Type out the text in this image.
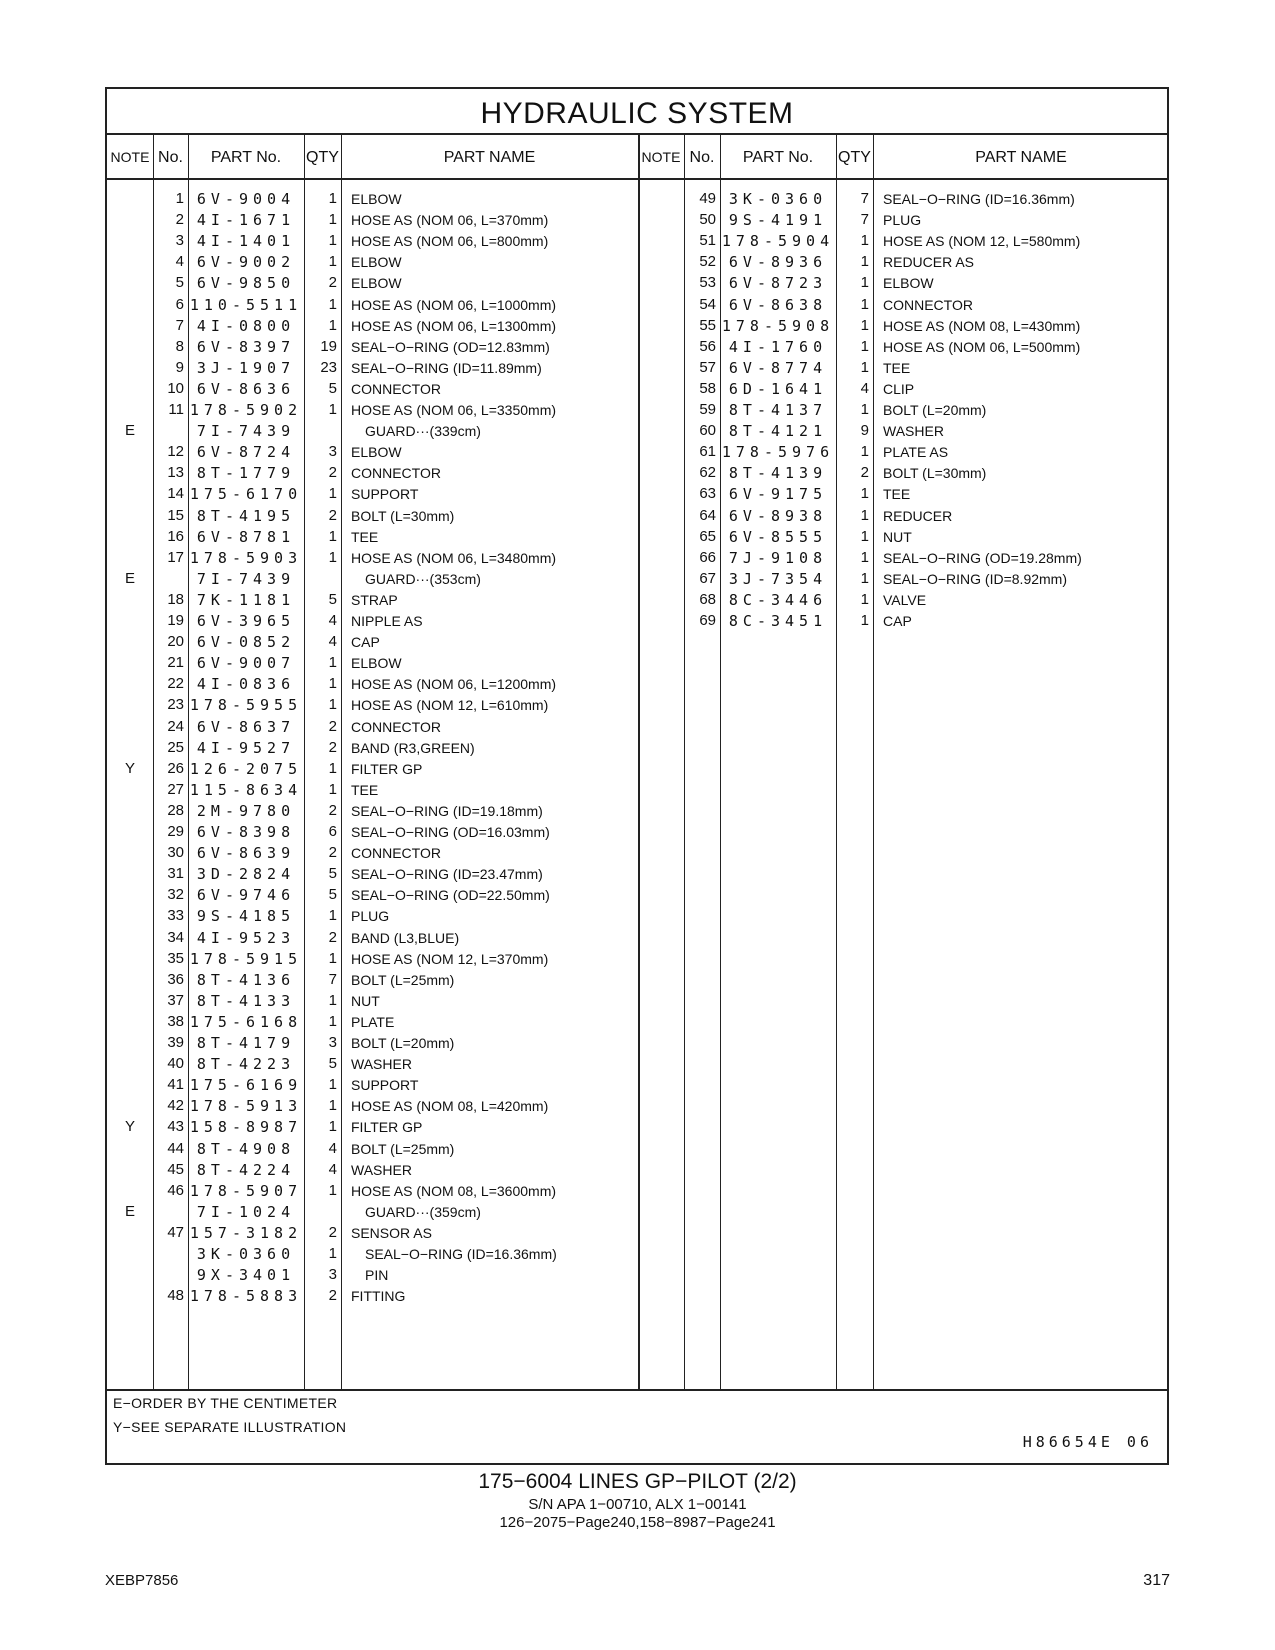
HYDRAULIC SYSTEM
NOTE No.	PART No.	QTY	PART NAME	NOTE No.	PART No.	QTY	PART NAME
1 6V-9004	1 ELBOW
2 4I-1671	1 HOSE AS (NOM 06, L=370mm)
3 4I-1401	1 HOSE AS (NOM 06, L=800mm)
4 6V-9002	1 ELBOW
5 6V-9850	2 ELBOW
6 110-5511	1 HOSE AS (NOM 06, L=1000mm)
7 4I-0800	1 HOSE AS (NOM 06, L=1300mm)
8 6V-8397	19 SEAL−O−RING (OD=12.83mm)
9 3J-1907	23 SEAL−O−RING (ID=11.89mm)
10 6V-8636	5 CONNECTOR
11 178-5902	1 HOSE AS (NOM 06, L=3350mm)
E	7I-7439	GUARD···(339cm)
12 6V-8724	3 ELBOW
13 8T-1779	2 CONNECTOR
14 175-6170	1 SUPPORT
15 8T-4195	2 BOLT (L=30mm)
16 6V-8781	1 TEE
17 178-5903	1 HOSE AS (NOM 06, L=3480mm)
E	7I-7439	GUARD···(353cm)
18 7K-1181	5 STRAP
19 6V-3965	4 NIPPLE AS
20 6V-0852	4 CAP
21 6V-9007	1 ELBOW
22 4I-0836	1 HOSE AS (NOM 06, L=1200mm)
23 178-5955	1 HOSE AS (NOM 12, L=610mm)
24 6V-8637	2 CONNECTOR
25 4I-9527	2 BAND (R3,GREEN)
Y	26 126-2075	1 FILTER GP
27 115-8634	1 TEE
28 2M-9780	2 SEAL−O−RING (ID=19.18mm)
29 6V-8398	6 SEAL−O−RING (OD=16.03mm)
30 6V-8639	2 CONNECTOR
31 3D-2824	5 SEAL−O−RING (ID=23.47mm)
32 6V-9746	5 SEAL−O−RING (OD=22.50mm)
33 9S-4185	1 PLUG
34 4I-9523	2 BAND (L3,BLUE)
35 178-5915	1 HOSE AS (NOM 12, L=370mm)
36 8T-4136	7 BOLT (L=25mm)
37 8T-4133	1 NUT
38 175-6168	1 PLATE
39 8T-4179	3 BOLT (L=20mm)
40 8T-4223	5 WASHER
41 175-6169	1 SUPPORT
42 178-5913	1 HOSE AS (NOM 08, L=420mm)
Y	43 158-8987	1 FILTER GP
44 8T-4908	4 BOLT (L=25mm)
45 8T-4224	4 WASHER
46 178-5907	1 HOSE AS (NOM 08, L=3600mm)
E	7I-1024	GUARD···(359cm)
47 157-3182	2 SENSOR AS
3K-0360	1	SEAL−O−RING (ID=16.36mm)
9X-3401	3	PIN
48 178-5883	2 FITTING
49 3K-0360	7 SEAL−O−RING (ID=16.36mm)
50 9S-4191	7 PLUG
51 178-5904	1 HOSE AS (NOM 12, L=580mm)
52 6V-8936	1 REDUCER AS
53 6V-8723	1 ELBOW
54 6V-8638	1 CONNECTOR
55 178-5908	1 HOSE AS (NOM 08, L=430mm)
56 4I-1760	1 HOSE AS (NOM 06, L=500mm)
57 6V-8774	1 TEE
58 6D-1641	4 CLIP
59 8T-4137	1 BOLT (L=20mm)
60 8T-4121	9 WASHER
61 178-5976	1 PLATE AS
62 8T-4139	2 BOLT (L=30mm)
63 6V-9175	1 TEE
64 6V-8938	1 REDUCER
65 6V-8555	1 NUT
66 7J-9108	1 SEAL−O−RING (OD=19.28mm)
67 3J-7354	1 SEAL−O−RING (ID=8.92mm)
68 8C-3446	1 VALVE
69 8C-3451	1 CAP
E−ORDER BY THE CENTIMETER
Y−SEE SEPARATE ILLUSTRATION
H86654E 06
175−6004 LINES GP−PILOT (2/2)
S/N APA 1−00710, ALX 1−00141
126−2075−Page240,158−8987−Page241
XEBP7856	317
